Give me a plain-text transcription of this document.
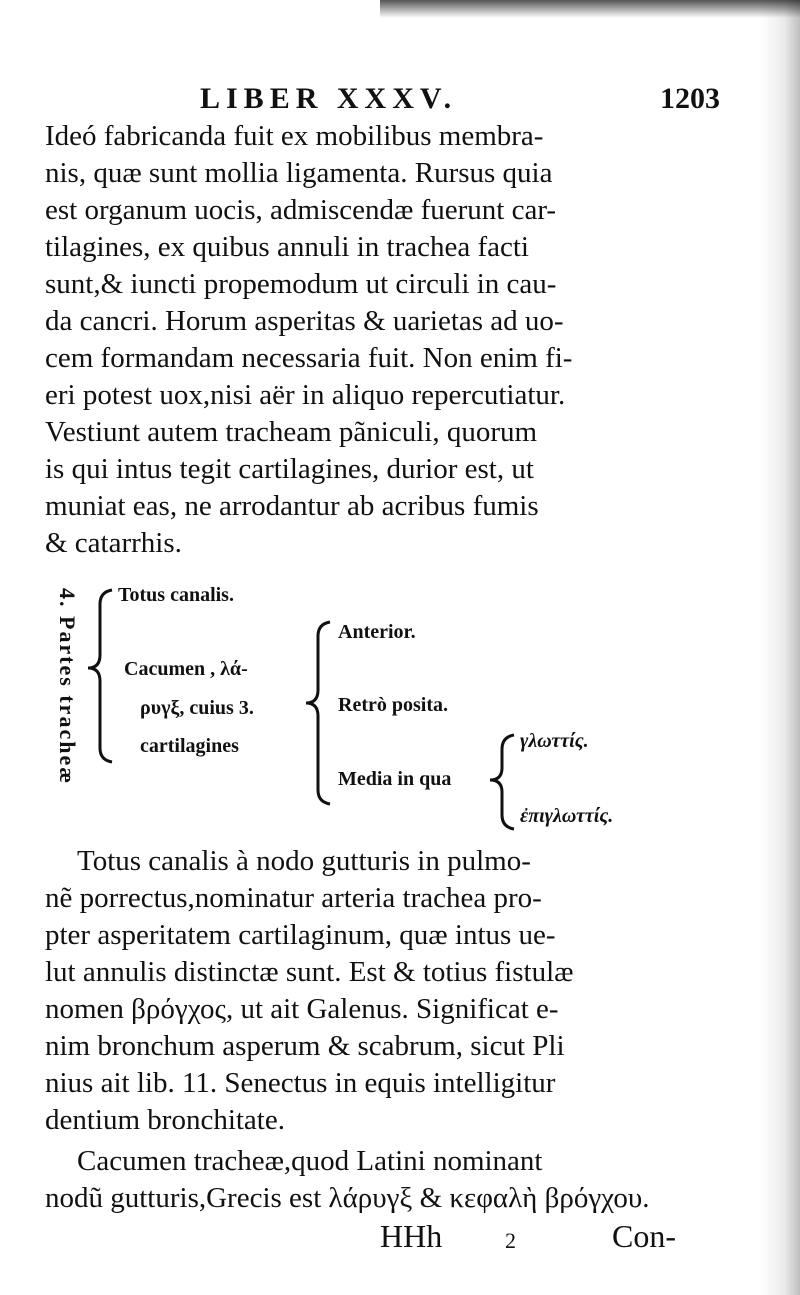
LIBER XXXV.	1203
Ideó fabricanda fuit ex mobilibus membra-
nis, quæ sunt mollia ligamenta. Rursus quia
est organum uocis, admiscendæ fuerunt car-
tilagines, ex quibus annuli in trachea facti
sunt,& iuncti propemodum ut circuli in cau-
da cancri. Horum asperitas & uarietas ad uo-
cem formandam necessaria fuit. Non enim fi-
eri potest uox,nisi aër in aliquo repercutiatur.
Vestiunt autem tracheam pãniculi, quorum
is qui intus tegit cartilagines, durior est, ut
muniat eas, ne arrodantur ab acribus fumis
& catarrhis.
4. Partes tracheæ Totus canalis.
Cacumen , λά-
ρυγξ, cuius 3.
cartilagines
Anterior.
Retrò posita.
Media in qua
γλωττίς.
ἐπιγλωττίς.
Totus canalis à nodo gutturis in pulmo-
nẽ porrectus,nominatur arteria trachea pro-
pter asperitatem cartilaginum, quæ intus ue-
lut annulis distinctæ sunt. Est & totius fistulæ
nomen βρόγχος, ut ait Galenus. Significat e-
nim bronchum asperum & scabrum, sicut Pli
nius ait lib. 11. Senectus in equis intelligitur
dentium bronchitate.
Cacumen tracheæ,quod Latini nominant
nodũ gutturis,Grecis est λάρυγξ & κεφαλὴ βρόγχου.
HHh	2	Con-
